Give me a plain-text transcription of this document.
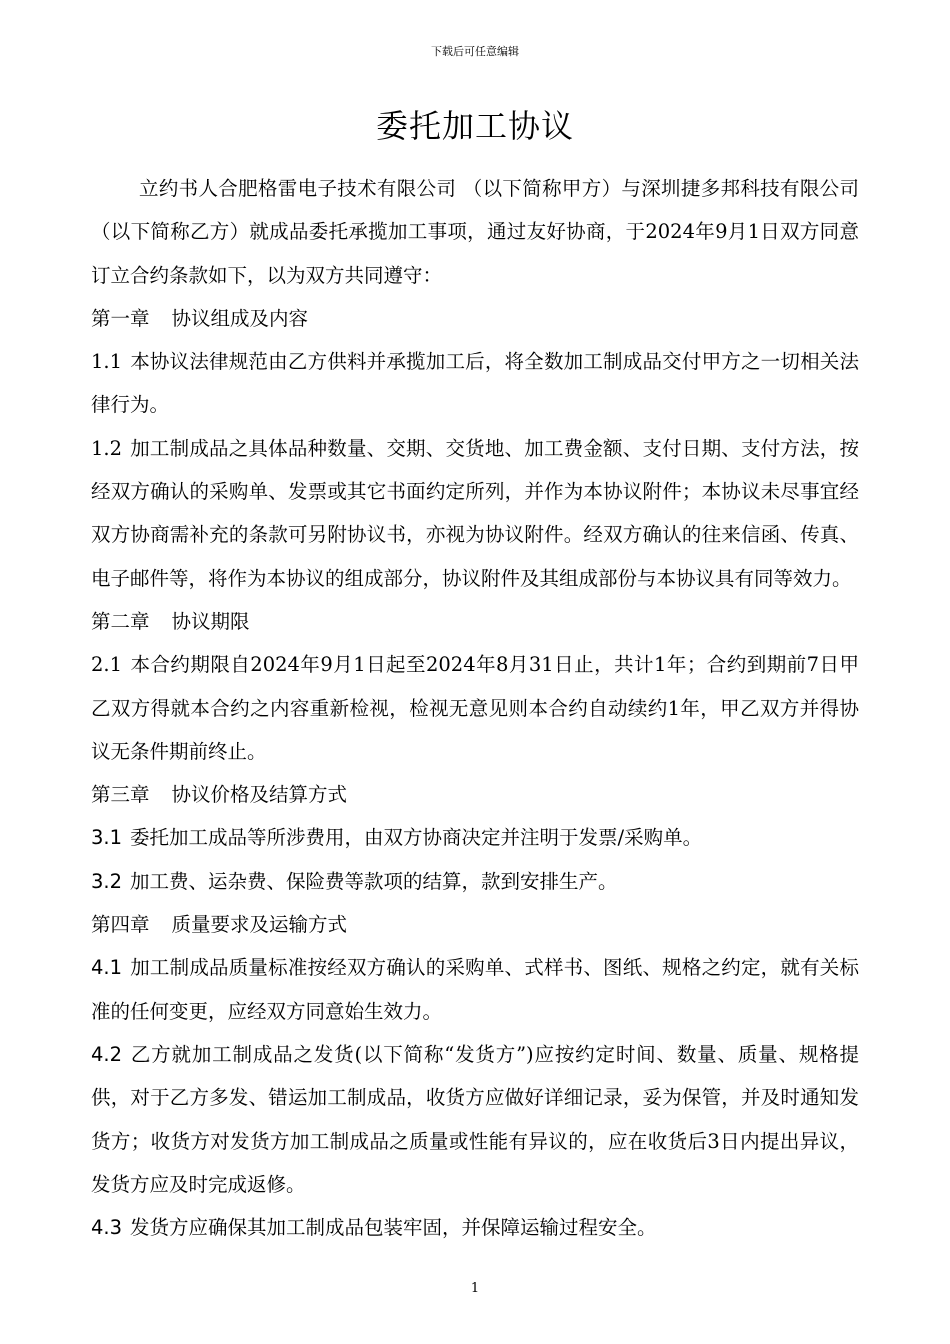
下载后可任意编辑
委托加工协议

立约书人合肥格雷电子技术有限公司 （以下简称甲方）与深圳捷多邦科技有限公司（以下简称乙方）就成品委托承揽加工事项，通过友好协商，于2024年9月1日双方同意订立合约条款如下，以为双方共同遵守：

第一章 协议组成及内容

1.1 本协议法律规范由乙方供料并承揽加工后，将全数加工制成品交付甲方之一切相关法律行为。

1.2 加工制成品之具体品种数量、交期、交货地、加工费金额、支付日期、支付方法，按经双方确认的采购单、发票或其它书面约定所列，并作为本协议附件；本协议未尽事宜经双方协商需补充的条款可另附协议书，亦视为协议附件。经双方确认的往来信函、传真、电子邮件等，将作为本协议的组成部分，协议附件及其组成部份与本协议具有同等效力。

第二章 协议期限

2.1 本合约期限自2024年9月1日起至2024年8月31日止，共计1年；合约到期前7日甲乙双方得就本合约之内容重新检视，检视无意见则本合约自动续约1年，甲乙双方并得协议无条件期前终止。

第三章 协议价格及结算方式

3.1 委托加工成品等所涉费用，由双方协商决定并注明于发票/采购单。

3.2 加工费、运杂费、保险费等款项的结算，款到安排生产。

第四章 质量要求及运输方式

4.1 加工制成品质量标准按经双方确认的采购单、式样书、图纸、规格之约定，就有关标准的任何变更，应经双方同意始生效力。

4.2 乙方就加工制成品之发货(以下简称“发货方”)应按约定时间、数量、质量、规格提供，对于乙方多发、错运加工制成品，收货方应做好详细记录，妥为保管，并及时通知发货方；收货方对发货方加工制成品之质量或性能有异议的，应在收货后3日内提出异议，发货方应及时完成返修。

4.3 发货方应确保其加工制成品包装牢固，并保障运输过程安全。

1
